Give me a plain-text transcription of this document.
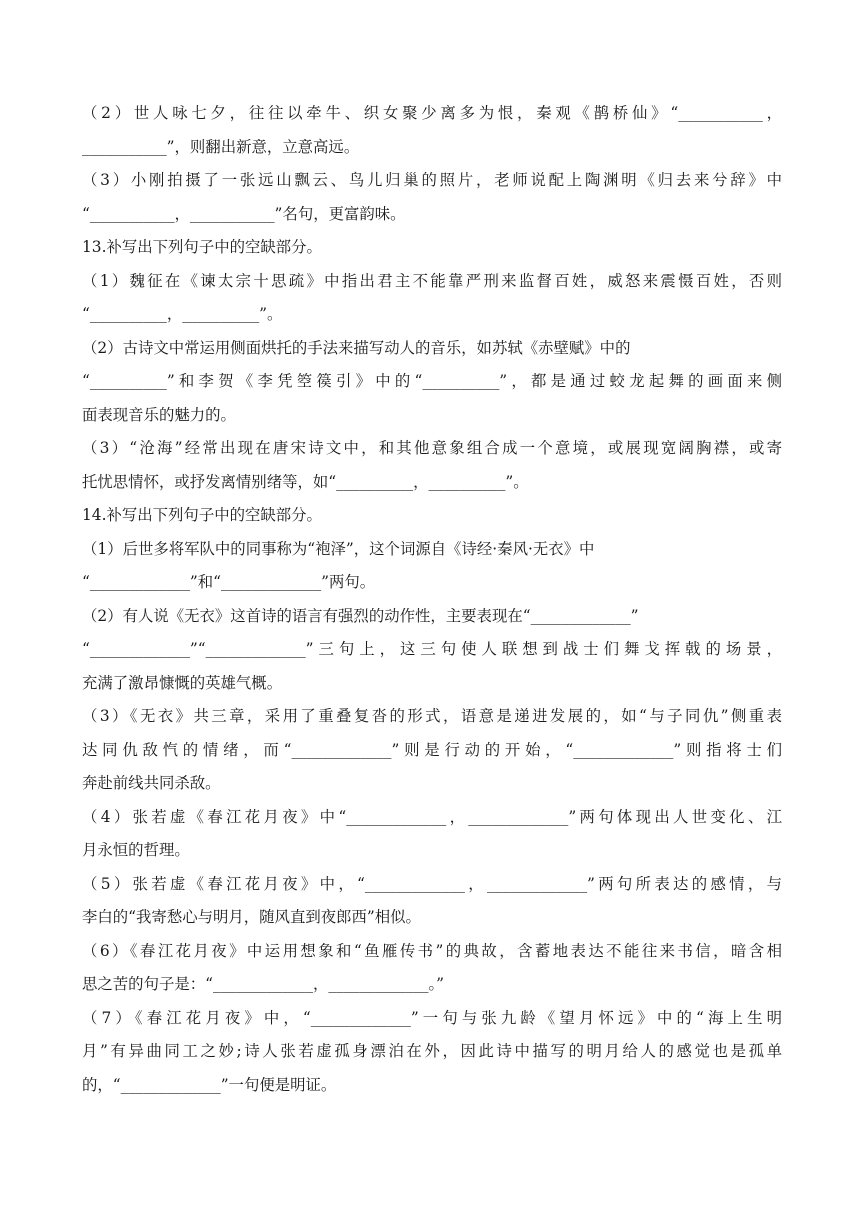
（2）世人咏七夕，往往以牵牛、织女聚少离多为恨，秦观《鹊桥仙》“___________，
___________”，则翻出新意，立意高远。
（3）小刚拍摄了一张远山飘云、鸟儿归巢的照片，老师说配上陶渊明《归去来兮辞》中
“___________，___________”名句，更富韵味。
13.补写出下列句子中的空缺部分。
（1）魏征在《谏太宗十思疏》中指出君主不能靠严刑来监督百姓，威怒来震慑百姓，否则
“__________，__________”。
（2）古诗文中常运用侧面烘托的手法来描写动人的音乐，如苏轼《赤壁赋》中的
“__________”和李贺《李凭箜篌引》中的“__________”，都是通过蛟龙起舞的画面来侧
面表现音乐的魅力的。
（3）“沧海”经常出现在唐宋诗文中，和其他意象组合成一个意境，或展现宽阔胸襟，或寄
托忧思情怀，或抒发离情别绪等，如“__________，__________”。
14.补写出下列句子中的空缺部分。
（1）后世多将军队中的同事称为“袍泽”，这个词源自《诗经·秦风·无衣》中
“_____________”和“_____________”两句。
（2）有人说《无衣》这首诗的语言有强烈的动作性，主要表现在“_____________”
“_____________”“_____________”三句上，这三句使人联想到战士们舞戈挥戟的场景，
充满了激昂慷慨的英雄气概。
（3）《无衣》共三章，采用了重叠复沓的形式，语意是递进发展的，如“与子同仇”侧重表
达同仇敌忾的情绪，而“_____________”则是行动的开始，“_____________”则指将士们
奔赴前线共同杀敌。
（4）张若虚《春江花月夜》中“_____________，_____________”两句体现出人世变化、江
月永恒的哲理。
（5）张若虚《春江花月夜》中，“_____________，_____________”两句所表达的感情，与
李白的“我寄愁心与明月，随风直到夜郎西”相似。
（6）《春江花月夜》中运用想象和“鱼雁传书”的典故，含蓄地表达不能往来书信，暗含相
思之苦的句子是：“_____________，_____________。”
（7）《春江花月夜》中，“_____________”一句与张九龄《望月怀远》中的“海上生明
月”有异曲同工之妙;诗人张若虚孤身漂泊在外，因此诗中描写的明月给人的感觉也是孤单
的，“_____________”一句便是明证。
